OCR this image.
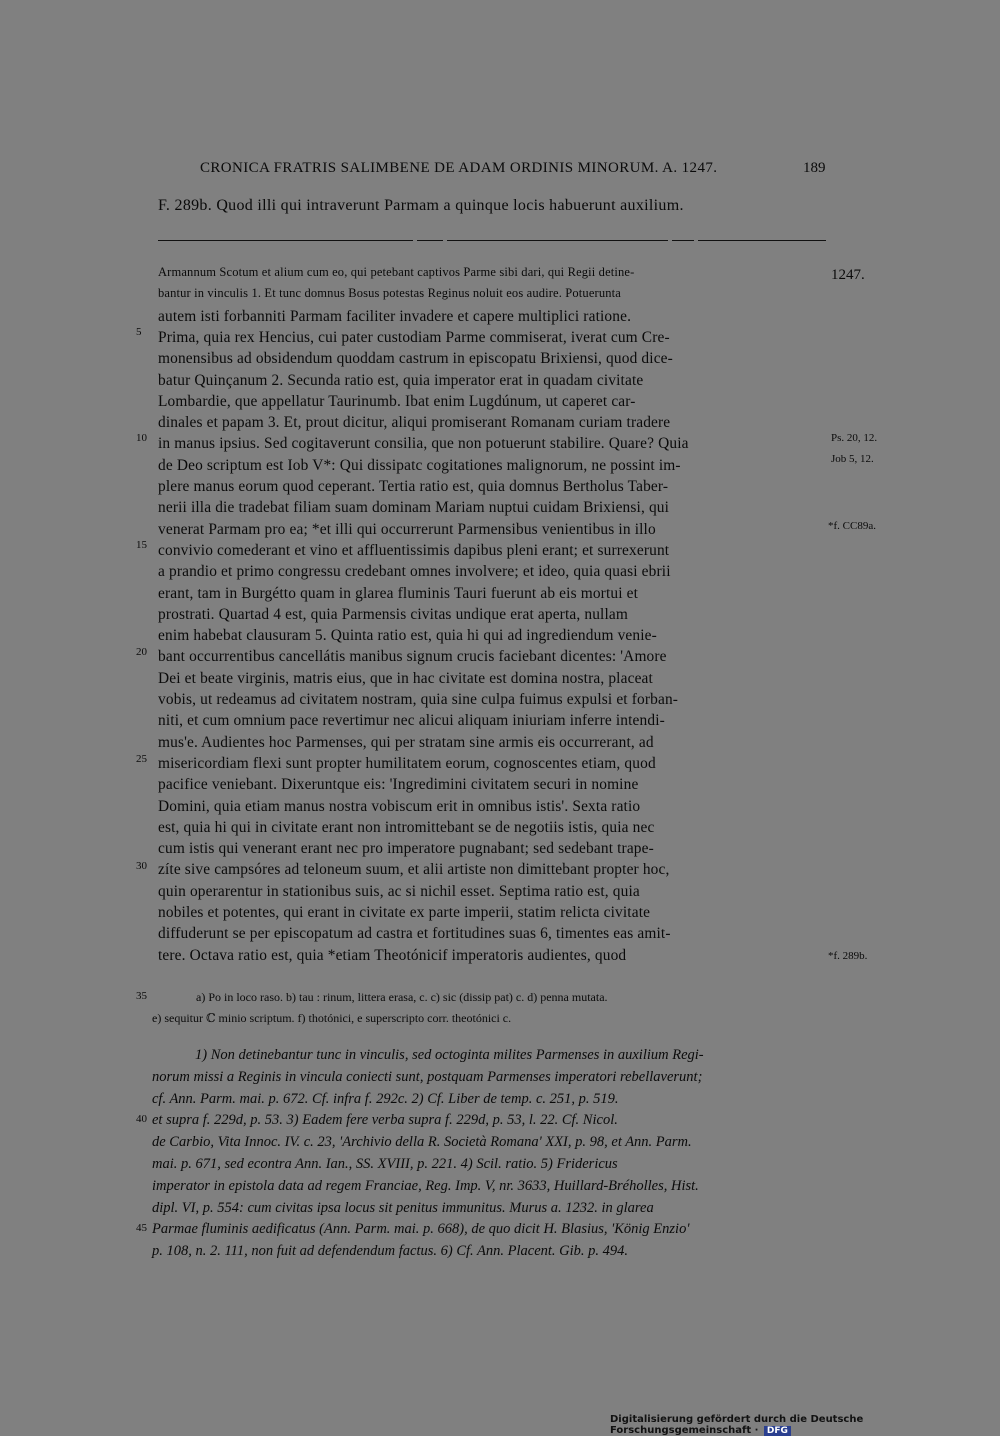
CRONICA FRATRIS SALIMBENE DE ADAM ORDINIS MINORUM. A. 1247.	189
F. 289b. Quod illi qui intraverunt Parmam a quinque locis habuerunt auxilium.
1247.
Armannum Scotum et alium cum eo, qui petebant captivos Parme sibi dari, qui Regii detine-
bantur in vinculis 1. Et tunc domnus Bosus potestas Reginus noluit eos audire. Potuerunta
autem isti forbanniti Parmam faciliter invadere et capere multiplici ratione.
Prima, quia rex Hencius, cui pater custodiam Parme commiserat, iverat cum Cre-
monensibus ad obsidendum quoddam castrum in episcopatu Brixiensi, quod dice-
batur Quinçanum 2. Secunda ratio est, quia imperator erat in quadam civitate
Lombardie, que appellatur Taurinumb. Ibat enim Lugdúnum, ut caperet car-
dinales et papam 3. Et, prout dicitur, aliqui promiserant Romanam curiam tradere
in manus ipsius. Sed cogitaverunt consilia, que non potuerunt stabilire. Quare? Quia
de Deo scriptum est Iob V*: Qui dissipatc cogitationes malignorum, ne possint im-
plere manus eorum quod ceperant. Tertia ratio est, quia domnus Bertholus Taber-
nerii illa die tradebat filiam suam dominam Mariam nuptui cuidam Brixiensi, qui
venerat Parmam pro ea; *et illi qui occurrerunt Parmensibus venientibus in illo
convivio comederant et vino et affluentissimis dapibus pleni erant; et surrexerunt
a prandio et primo congressu credebant omnes involvere; et ideo, quia quasi ebrii
erant, tam in Burgétto quam in glarea fluminis Tauri fuerunt ab eis mortui et
prostrati. Quartad 4 est, quia Parmensis civitas undique erat aperta, nullam
enim habebat clausuram 5. Quinta ratio est, quia hi qui ad ingrediendum venie-
bant occurrentibus cancellátis manibus signum crucis faciebant dicentes: 'Amore
Dei et beate virginis, matris eius, que in hac civitate est domina nostra, placeat
vobis, ut redeamus ad civitatem nostram, quia sine culpa fuimus expulsi et forban-
niti, et cum omnium pace revertimur nec alicui aliquam iniuriam inferre intendi-
mus'e. Audientes hoc Parmenses, qui per stratam sine armis eis occurrerant, ad
misericordiam flexi sunt propter humilitatem eorum, cognoscentes etiam, quod
pacifice veniebant. Dixeruntque eis: 'Ingredimini civitatem securi in nomine
Domini, quia etiam manus nostra vobiscum erit in omnibus istis'. Sexta ratio
est, quia hi qui in civitate erant non intromittebant se de negotiis istis, quia nec
cum istis qui venerant erant nec pro imperatore pugnabant; sed sedebant trape-
zíte sive campsóres ad teloneum suum, et alii artiste non dimittebant propter hoc,
quin operarentur in stationibus suis, ac si nichil esset. Septima ratio est, quia
nobiles et potentes, qui erant in civitate ex parte imperii, statim relicta civitate
diffuderunt se per episcopatum ad castra et fortitudines suas 6, timentes eas amit-
tere. Octava ratio est, quia *etiam Theotónicif imperatoris audientes, quod
5
10
15
20
25
30
35
40
45
Ps. 20, 12.
Job 5, 12.
*f. CC89a.
*f. 289b.
a) Po in loco raso. b) tau : rinum, littera erasa, c. c) sic (dissip pat) c. d) penna mutata.
e) sequitur ℂ minio scriptum. f) thotónici, e superscripto corr. theotónici c.
1) Non detinebantur tunc in vinculis, sed octoginta milites Parmenses in auxilium Regi-
norum missi a Reginis in vincula coniecti sunt, postquam Parmenses imperatori rebellaverunt;
cf. Ann. Parm. mai. p. 672. Cf. infra f. 292c. 2) Cf. Liber de temp. c. 251, p. 519.
et supra f. 229d, p. 53. 3) Eadem fere verba supra f. 229d, p. 53, l. 22. Cf. Nicol.
de Carbio, Vita Innoc. IV. c. 23, 'Archivio della R. Società Romana' XXI, p. 98, et Ann. Parm.
mai. p. 671, sed econtra Ann. Ian., SS. XVIII, p. 221. 4) Scil. ratio. 5) Fridericus
imperator in epistola data ad regem Franciae, Reg. Imp. V, nr. 3633, Huillard-Bréholles, Hist.
dipl. VI, p. 554: cum civitas ipsa locus sit penitus immunitus. Murus a. 1232. in glarea
Parmae fluminis aedificatus (Ann. Parm. mai. p. 668), de quo dicit H. Blasius, 'König Enzio'
p. 108, n. 2. 111, non fuit ad defendendum factus. 6) Cf. Ann. Placent. Gib. p. 494.
Digitalisierung gefördert durch die Deutsche Forschungsgemeinschaft · DFG
